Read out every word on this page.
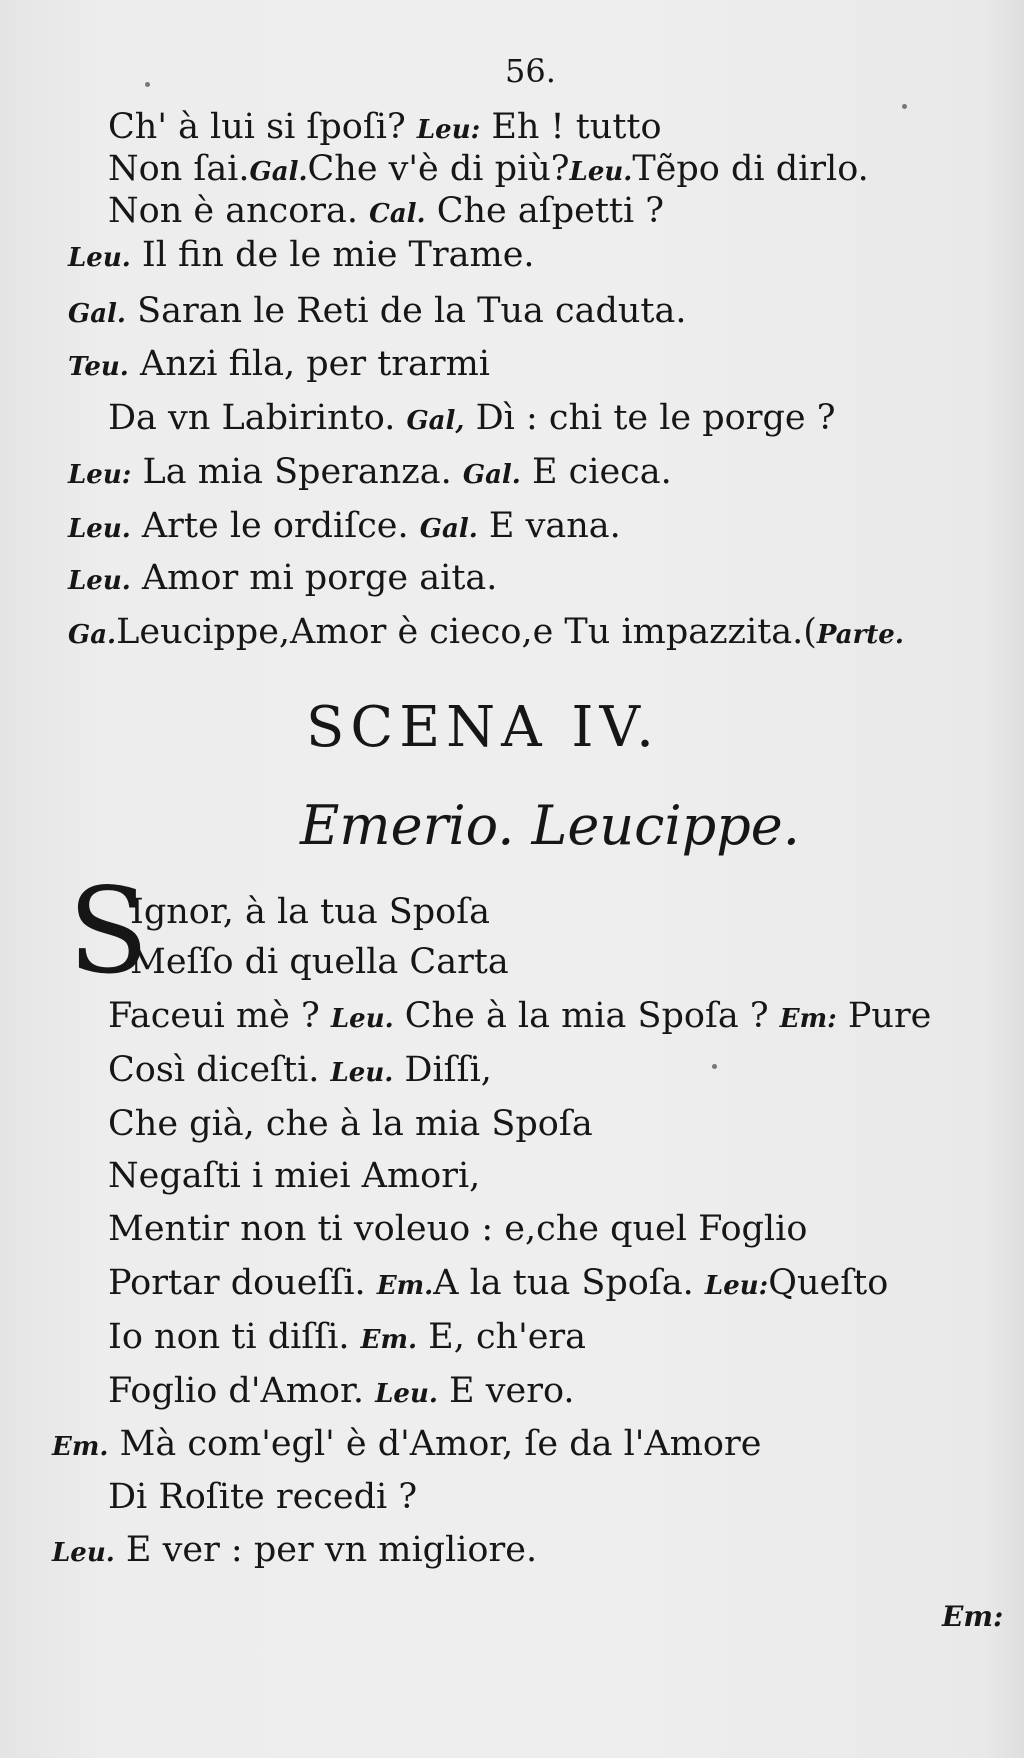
56.
Ch' à lui si ſpoſi? Leu: Eh ! tutto
Non ſai.Gal.Che v'è di più?Leu.Tẽpo di dirlo.
Non è ancora. Cal. Che aſpetti ?
Leu. Il fin de le mie Trame.
Gal. Saran le Reti de la Tua caduta.
Teu. Anzi fila, per trarmi
Da vn Labirinto. Gal, Dì : chi te le porge ?
Leu: La mia Speranza. Gal. E cieca.
Leu. Arte le ordiſce. Gal. E vana.
Leu. Amor mi porge aita.
Ga.Leucippe,Amor è cieco,e Tu impazzita.(Parte.
SCENA IV.
Emerio. Leucippe.
S
Ignor, à la tua Spoſa
Meſſo di quella Carta
Faceui mè ? Leu. Che à la mia Spoſa ? Em: Pure
Così diceſti. Leu. Diſſi,
Che già, che à la mia Spoſa
Negaſti i miei Amori,
Mentir non ti voleuo : e,che quel Foglio
Portar doueſſi. Em.A la tua Spoſa. Leu:Queſto
Io non ti diſſi. Em. E, ch'era
Foglio d'Amor. Leu. E vero.
Em. Mà com'egl' è d'Amor, ſe da l'Amore
Di Roſite recedi ?
Leu. E ver : per vn migliore.
Em:
